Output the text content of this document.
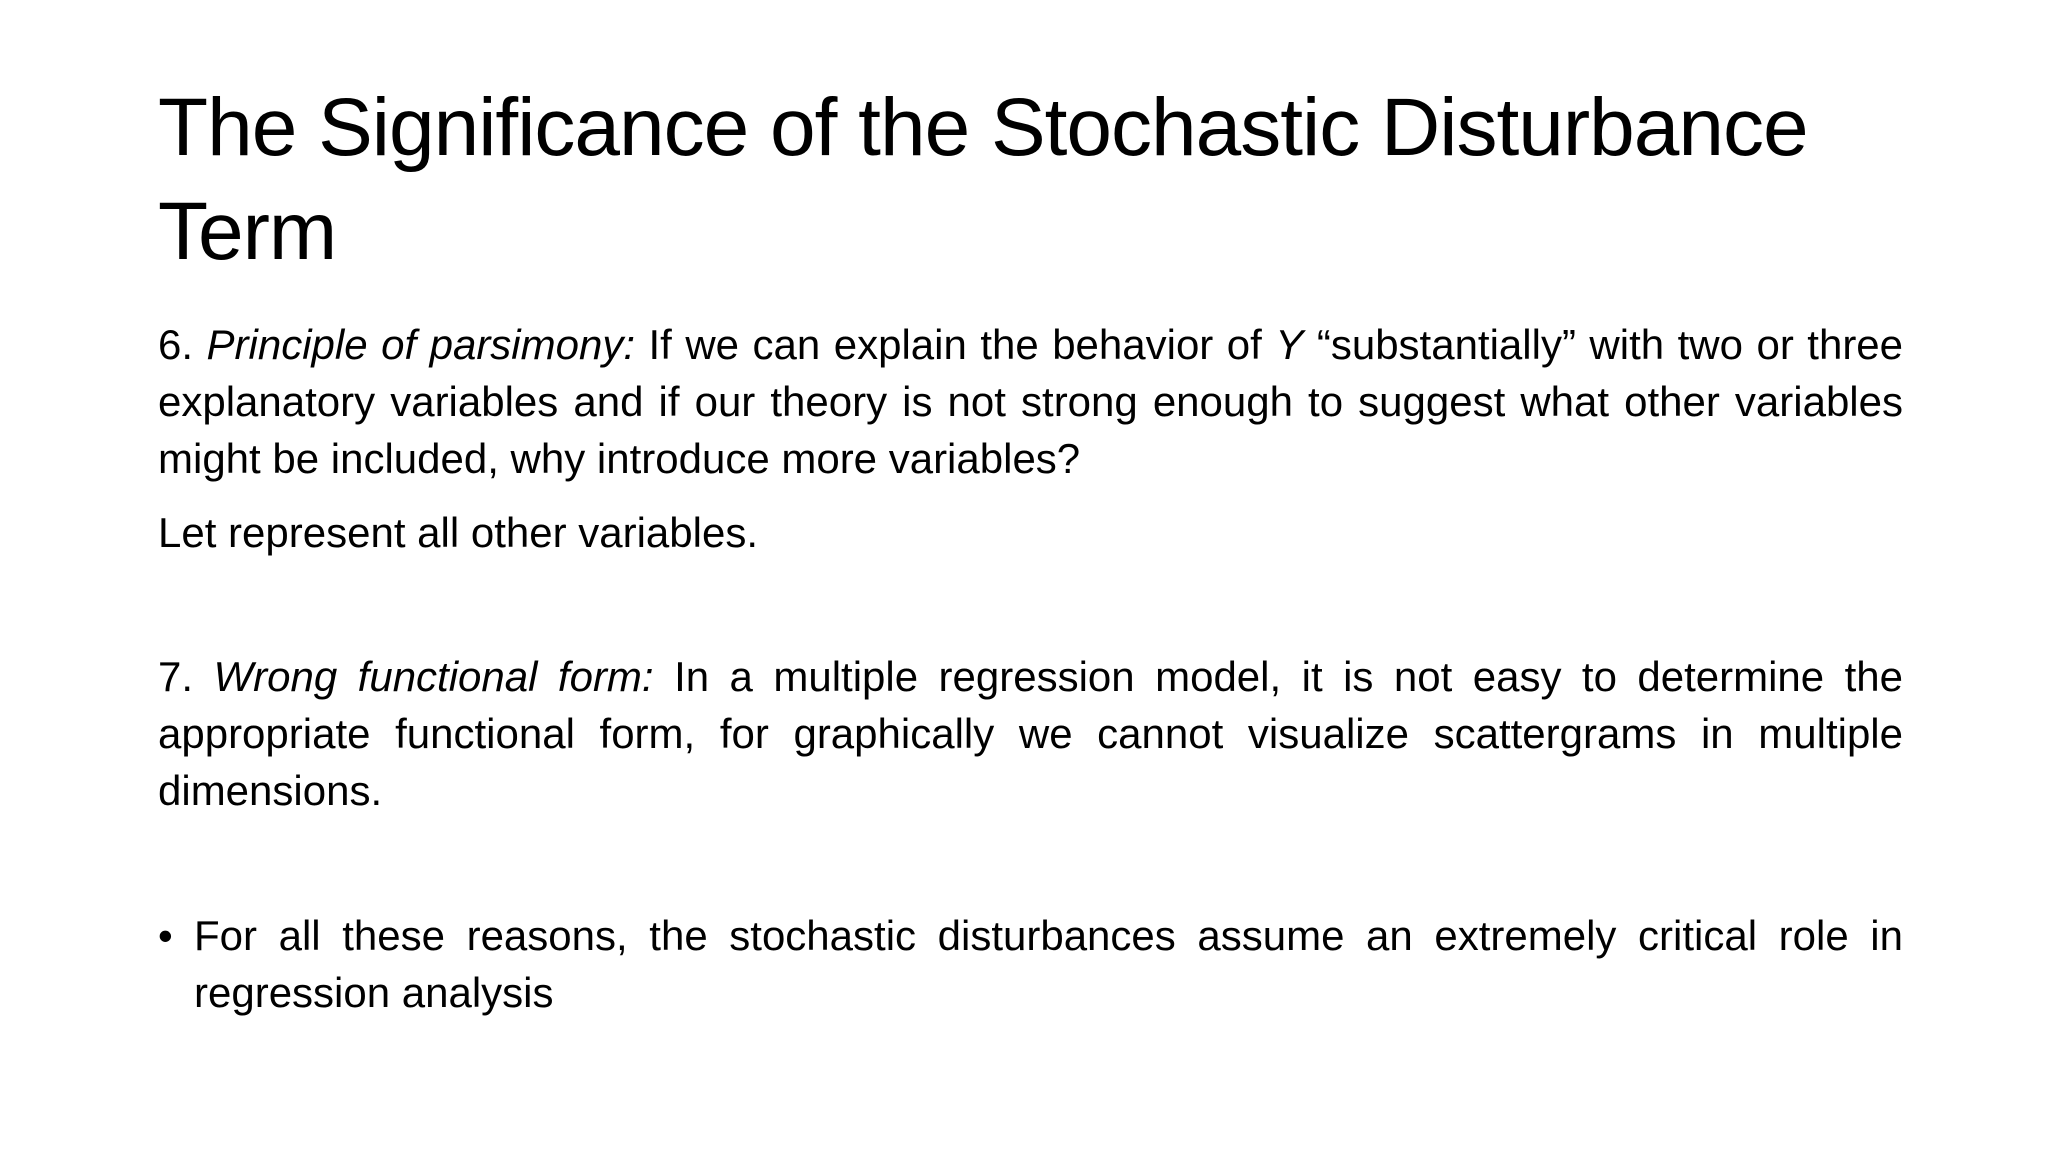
The Significance of the Stochastic Disturbance Term

6. Principle of parsimony: If we can explain the behavior of Y “substantially” with two or three explanatory variables and if our theory is not strong enough to suggest what other variables might be included, why introduce more variables?

Let represent all other variables.

7. Wrong functional form: In a multiple regression model, it is not easy to determine the appropriate functional form, for graphically we cannot visualize scattergrams in multiple dimensions.

• For all these reasons, the stochastic disturbances assume an extremely critical role in regression analysis
